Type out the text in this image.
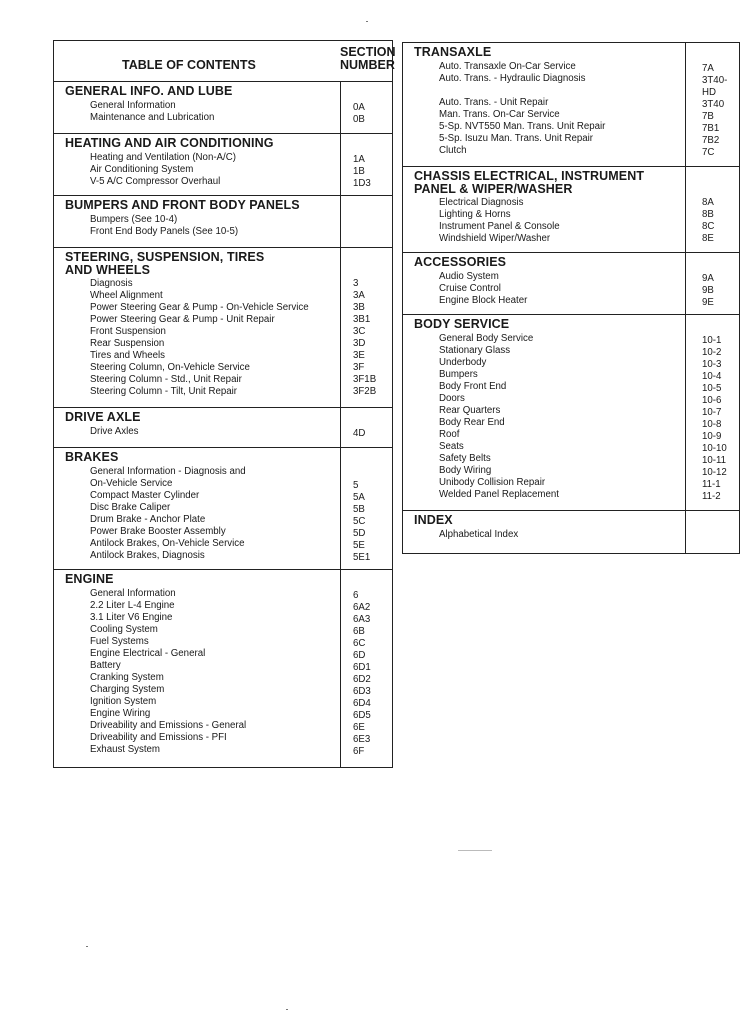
TABLE OF CONTENTS
SECTION
NUMBER
GENERAL INFO. AND LUBE
General Information
Maintenance and Lubrication
0A
0B
HEATING AND AIR CONDITIONING
Heating and Ventilation (Non-A/C)
Air Conditioning System
V-5 A/C Compressor Overhaul
1A
1B
1D3
BUMPERS AND FRONT BODY PANELS
Bumpers (See 10-4)
Front End Body Panels (See 10-5)
STEERING, SUSPENSION, TIRES
AND WHEELS
Diagnosis
Wheel Alignment
Power Steering Gear & Pump - On-Vehicle Service
Power Steering Gear & Pump - Unit Repair
Front Suspension
Rear Suspension
Tires and Wheels
Steering Column, On-Vehicle Service
Steering Column - Std., Unit Repair
Steering Column - Tilt, Unit Repair
3
3A
3B
3B1
3C
3D
3E
3F
3F1B
3F2B
DRIVE AXLE
Drive Axles	4D
BRAKES
General Information - Diagnosis and
On-Vehicle Service
Compact Master Cylinder
Disc Brake Caliper
Drum Brake - Anchor Plate
Power Brake Booster Assembly
Antilock Brakes, On-Vehicle Service
Antilock Brakes, Diagnosis
5
5A
5B
5C
5D
5E
5E1
ENGINE
General Information
2.2 Liter L-4 Engine
3.1 Liter V6 Engine
Cooling System
Fuel Systems
Engine Electrical - General
Battery
Cranking System
Charging System
Ignition System
Engine Wiring
Driveability and Emissions - General
Driveability and Emissions - PFI
Exhaust System
6
6A2
6A3
6B
6C
6D
6D1
6D2
6D3
6D4
6D5
6E
6E3
6F
TRANSAXLE
Auto. Transaxle On-Car Service
Auto. Trans. - Hydraulic Diagnosis

Auto. Trans. - Unit Repair
Man. Trans. On-Car Service
5-Sp. NVT550 Man. Trans. Unit Repair
5-Sp. Isuzu Man. Trans. Unit Repair
Clutch
7A
3T40-
HD
3T40
7B
7B1
7B2
7C
CHASSIS ELECTRICAL, INSTRUMENT
PANEL & WIPER/WASHER
Electrical Diagnosis
Lighting & Horns
Instrument Panel & Console
Windshield Wiper/Washer
8A
8B
8C
8E
ACCESSORIES
Audio System
Cruise Control
Engine Block Heater
9A
9B
9E
BODY SERVICE
General Body Service
Stationary Glass
Underbody
Bumpers
Body Front End
Doors
Rear Quarters
Body Rear End
Roof
Seats
Safety Belts
Body Wiring
Unibody Collision Repair
Welded Panel Replacement
10-1
10-2
10-3
10-4
10-5
10-6
10-7
10-8
10-9
10-10
10-11
10-12
11-1
11-2
INDEX
Alphabetical Index
